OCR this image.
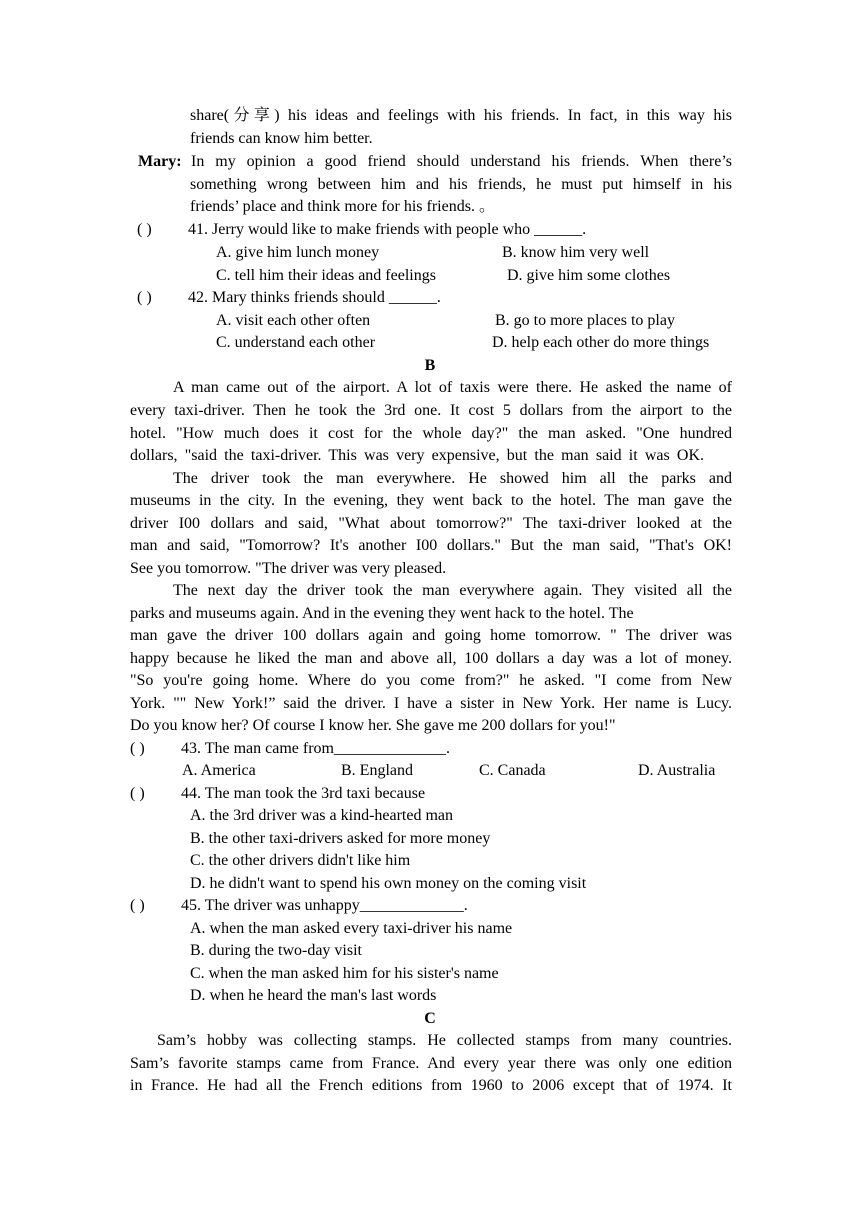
share(分享) his ideas and feelings with his friends. In fact, in this way his
friends can know him better.
Mary: In my opinion a good friend should understand his friends. When there’s
something wrong between him and his friends, he must put himself in his
friends’ place and think more for his friends. 。
( ) 41. Jerry would like to make friends with people who ______.
A. give him lunch money	B. know him very well
C. tell him their ideas and feelings	D. give him some clothes
( ) 42. Mary thinks friends should ______.
A. visit each other often	B. go to more places to play
C. understand each other	D. help each other do more things
B
A man came out of the airport. A lot of taxis were there. He asked the name of
every taxi-driver. Then he took the 3rd one. It cost 5 dollars from the airport to the
hotel. "How much does it cost for the whole day?" the man asked. "One hundred
dollars, "said the taxi-driver. This was very expensive, but the man said it was OK.
The driver took the man everywhere. He showed him all the parks and
museums in the city. In the evening, they went back to the hotel. The man gave the
driver I00 dollars and said, "What about tomorrow?" The taxi-driver looked at the
man and said, "Tomorrow? It's another I00 dollars." But the man said, "That's OK!
See you tomorrow. "The driver was very pleased.
The next day the driver took the man everywhere again. They visited all the
parks and museums again. And in the evening they went hack to the hotel. The
man gave the driver 100 dollars again and going home tomorrow. " The driver was
happy because he liked the man and above all, 100 dollars a day was a lot of money.
"So you're going home. Where do you come from?" he asked. "I come from New
York. "" New York!” said the driver. I have a sister in New York. Her name is Lucy.
Do you know her? Of course I know her. She gave me 200 dollars for you!"
( ) 43. The man came from______________.
A. America	B. England	C. Canada	D. Australia
( ) 44. The man took the 3rd taxi because
A. the 3rd driver was a kind-hearted man
B. the other taxi-drivers asked for more money
C. the other drivers didn't like him
D. he didn't want to spend his own money on the coming visit
( ) 45. The driver was unhappy_____________.
A. when the man asked every taxi-driver his name
B. during the two-day visit
C. when the man asked him for his sister's name
D. when he heard the man's last words
C
Sam’s hobby was collecting stamps. He collected stamps from many countries.
Sam’s favorite stamps came from France. And every year there was only one edition
in France. He had all the French editions from 1960 to 2006 except that of 1974. It
